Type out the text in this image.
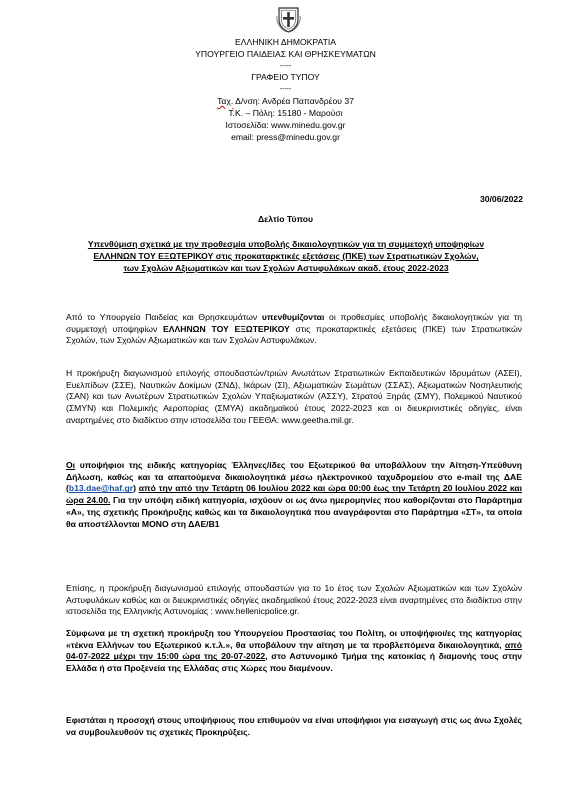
ΕΛΛΗΝΙΚΗ ΔΗΜΟΚΡΑΤΙΑ
ΥΠΟΥΡΓΕΙΟ ΠΑΙΔΕΙΑΣ ΚΑΙ ΘΡΗΣΚΕΥΜΑΤΩΝ
-----
ΓΡΑΦΕΙΟ ΤΥΠΟΥ
-----
Ταχ. Δ/νση: Ανδρέα Παπανδρέου 37
Τ.Κ. – Πόλη: 15180 - Μαρούσι
Ιστοσελίδα: www.minedu.gov.gr
email: press@minedu.gov.gr
30/06/2022
Δελτίο Τύπου
Υπενθύμιση σχετικά με την προθεσμία υποβολής δικαιολογητικών για τη συμμετοχή υποψηφίων ΕΛΛΗΝΩΝ ΤΟΥ ΕΞΩΤΕΡΙΚΟΥ στις προκαταρκτικές εξετάσεις (ΠΚΕ) των Στρατιωτικών Σχολών, των Σχολών Αξιωματικών και των Σχολών Αστυφυλάκων ακαδ. έτους 2022-2023
Από το Υπουργείο Παιδείας και Θρησκευμάτων υπενθυμίζονται οι προθεσμίες υποβολής δικαιολογητικών για τη συμμετοχή υποψηφίων ΕΛΛΗΝΩΝ ΤΟΥ ΕΞΩΤΕΡΙΚΟΥ στις προκαταρκτικές εξετάσεις (ΠΚΕ) των Στρατιωτικών Σχολών, των Σχολών Αξιωματικών και των Σχολών Αστυφυλάκων.
Η προκήρυξη διαγωνισμού επιλογής σπουδαστών/τριών Ανωτάτων Στρατιωτικών Εκπαιδευτικών Ιδρυμάτων (ΑΣΕΙ), Ευελπίδων (ΣΣΕ), Ναυτικών Δοκίμων (ΣΝΔ), Ικάρων (ΣΙ), Αξιωματικών Σωμάτων (ΣΣΑΣ), Αξιωματικών Νοσηλευτικής (ΣΑΝ) και των Ανωτέρων Στρατιωτικών Σχολών Υπαξιωματικών (ΑΣΣΥ), Στρατού Ξηράς (ΣΜΥ), Πολεμικού Ναυτικού (ΣΜΥΝ) και Πολεμικής Αεροπορίας (ΣΜΥΑ) ακαδημαϊκού έτους 2022-2023 και οι διευκρινιστικές οδηγίες, είναι αναρτημένες στο διαδίκτυο στην ιστοσελίδα του ΓΕΕΘΑ: www.geetha.mil.gr.
Οι υποψήφιοι της ειδικής κατηγορίας Έλληνες/ίδες του Εξωτερικού θα υποβάλλουν την Αίτηση-Υπεύθυνη Δήλωση, καθώς και τα απαιτούμενα δικαιολογητικά μέσω ηλεκτρονικού ταχυδρομείου στο e-mail της ΔΑΕ (b13.dae@haf.gr) από την από την Τετάρτη 06 Ιουλίου 2022 και ώρα 00:00 έως την Τετάρτη 20 Ιουλίου 2022 και ώρα 24.00. Για την υπόψη ειδική κατηγορία, ισχύουν οι ως άνω ημερομηνίες που καθορίζονται στο Παράρτημα «Α», της σχετικής Προκήρυξης καθώς και τα δικαιολογητικά που αναγράφονται στο Παράρτημα «ΣΤ», τα οποία θα αποστέλλονται ΜΟΝΟ στη ΔΑΕ/Β1
Επίσης, η προκήρυξη διαγωνισμού επιλογής σπουδαστών για το 1ο έτος των Σχολών Αξιωματικών και των Σχολών Αστυφυλάκων καθώς και οι διευκρινιστικές οδηγίες ακαδημαϊκού έτους 2022-2023 είναι αναρτημένες στο διαδίκτυο στην ιστοσελίδα της Ελληνικής Αστυνομίας : www.hellenicpolice.gr.
Σύμφωνα με τη σχετική προκήρυξη του Υπουργείου Προστασίας του Πολίτη, οι υποψήφιοι/ες της κατηγορίας «τέκνα Ελλήνων του Εξωτερικού κ.τ.λ.», θα υποβάλουν την αίτηση με τα προβλεπόμενα δικαιολογητικά, από 04-07-2022 μέχρι την 15:00 ώρα της 20-07-2022, στο Αστυνομικό Τμήμα της κατοικίας ή διαμονής τους στην Ελλάδα ή στα Προξενεία της Ελλάδας στις Χώρες που διαμένουν.
Εφιστάται η προσοχή στους υποψήφιους που επιθυμούν να είναι υποψήφιοι για εισαγωγή στις ως άνω Σχολές να συμβουλευθούν τις σχετικές Προκηρύξεις.
